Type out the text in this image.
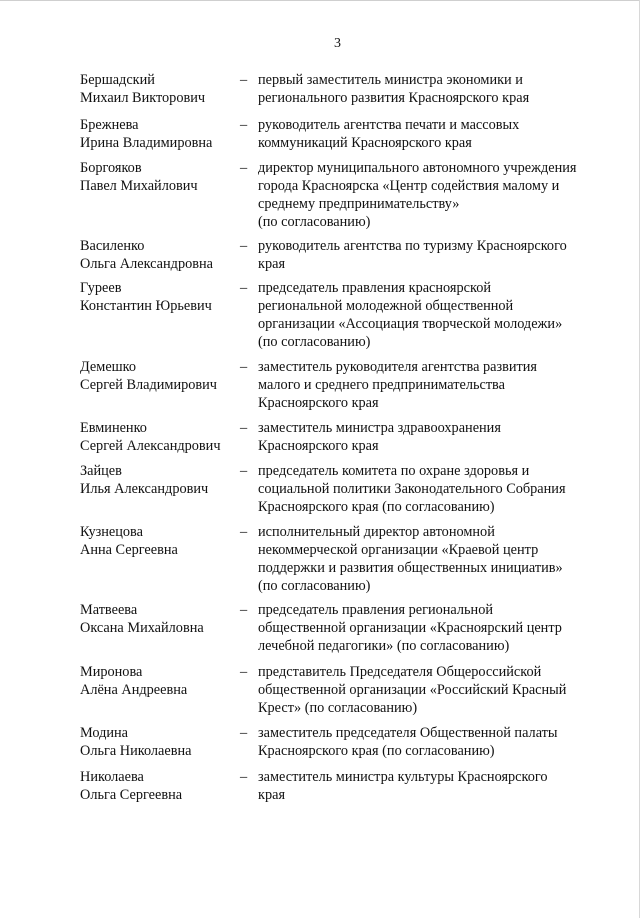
3
Бершадский
Михаил Викторович
– первый заместитель министра экономики и
регионального развития Красноярского края
Брежнева
Ирина Владимировна
– руководитель агентства печати и массовых
коммуникаций Красноярского края
Боргояков
Павел Михайлович
– директор муниципального автономного учреждения
города Красноярска «Центр содействия малому и
среднему предпринимательству»
(по согласованию)
Василенко
Ольга Александровна
– руководитель агентства по туризму Красноярского
края
Гуреев
Константин Юрьевич
– председатель правления красноярской
региональной молодежной общественной
организации «Ассоциация творческой молодежи»
(по согласованию)
Демешко
Сергей Владимирович
– заместитель руководителя агентства развития
малого и среднего предпринимательства
Красноярского края
Евминенко
Сергей Александрович
– заместитель министра здравоохранения
Красноярского края
Зайцев
Илья Александрович
– председатель комитета по охране здоровья и
социальной политики Законодательного Собрания
Красноярского края (по согласованию)
Кузнецова
Анна Сергеевна
– исполнительный директор автономной
некоммерческой организации «Краевой центр
поддержки и развития общественных инициатив»
(по согласованию)
Матвеева
Оксана Михайловна
– председатель правления региональной
общественной организации «Красноярский центр
лечебной педагогики» (по согласованию)
Миронова
Алёна Андреевна
– представитель Председателя Общероссийской
общественной организации «Российский Красный
Крест» (по согласованию)
Модина
Ольга Николаевна
– заместитель председателя Общественной палаты
Красноярского края (по согласованию)
Николаева
Ольга Сергеевна
– заместитель министра культуры Красноярского
края
